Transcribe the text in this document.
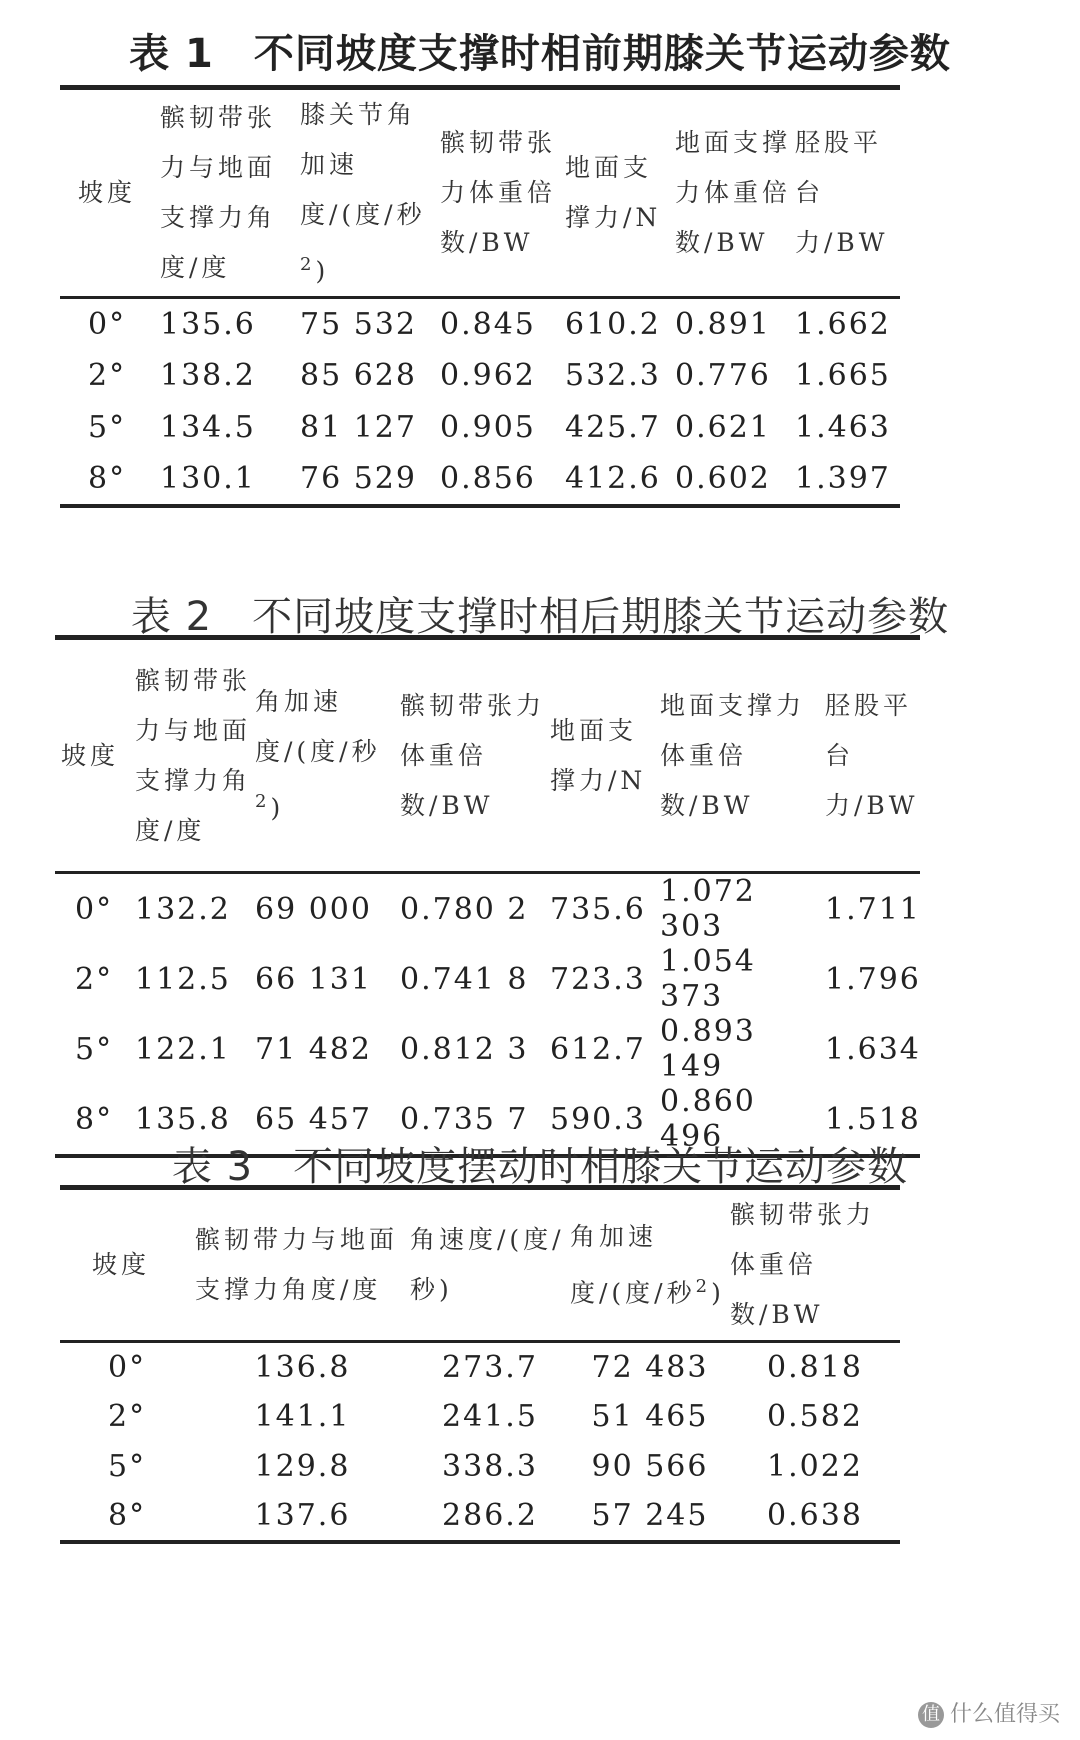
表 1 不同坡度支撑时相前期膝关节运动参数
坡度	髌韧带张力与地面支撑力角度/度	膝关节角加速度/(度/秒$^2$)	髌韧带张力体重倍数/BW	地面支撑力/N	地面支撑力体重倍数/BW	胫股平台力/BW
0°	135.6	75 532	0.845	610.2	0.891	1.662
2°	138.2	85 628	0.962	532.3	0.776	1.665
5°	134.5	81 127	0.905	425.7	0.621	1.463
8°	130.1	76 529	0.856	412.6	0.602	1.397
表 2 不同坡度支撑时相后期膝关节运动参数
坡度	髌韧带张力与地面支撑力角度/度	角加速度/(度/秒$^2$)	髌韧带张力体重倍数/BW	地面支撑力/N	地面支撑力体重倍数/BW	胫股平台力/BW
0°	132.2	69 000	0.780 2	735.6	1.072 303	1.711
2°	112.5	66 131	0.741 8	723.3	1.054 373	1.796
5°	122.1	71 482	0.812 3	612.7	0.893 149	1.634
8°	135.8	65 457	0.735 7	590.3	0.860 496	1.518
表 3 不同坡度摆动时相膝关节运动参数
坡度	髌韧带力与地面支撑力角度/度	角速度/(度/秒)	角加速度/(度/秒$^2$)	髌韧带张力体重倍数/BW
0°	136.8	273.7	72 483	0.818
2°	141.1	241.5	51 465	0.582
5°	129.8	338.3	90 566	1.022
8°	137.6	286.2	57 245	0.638
值 什么值得买
